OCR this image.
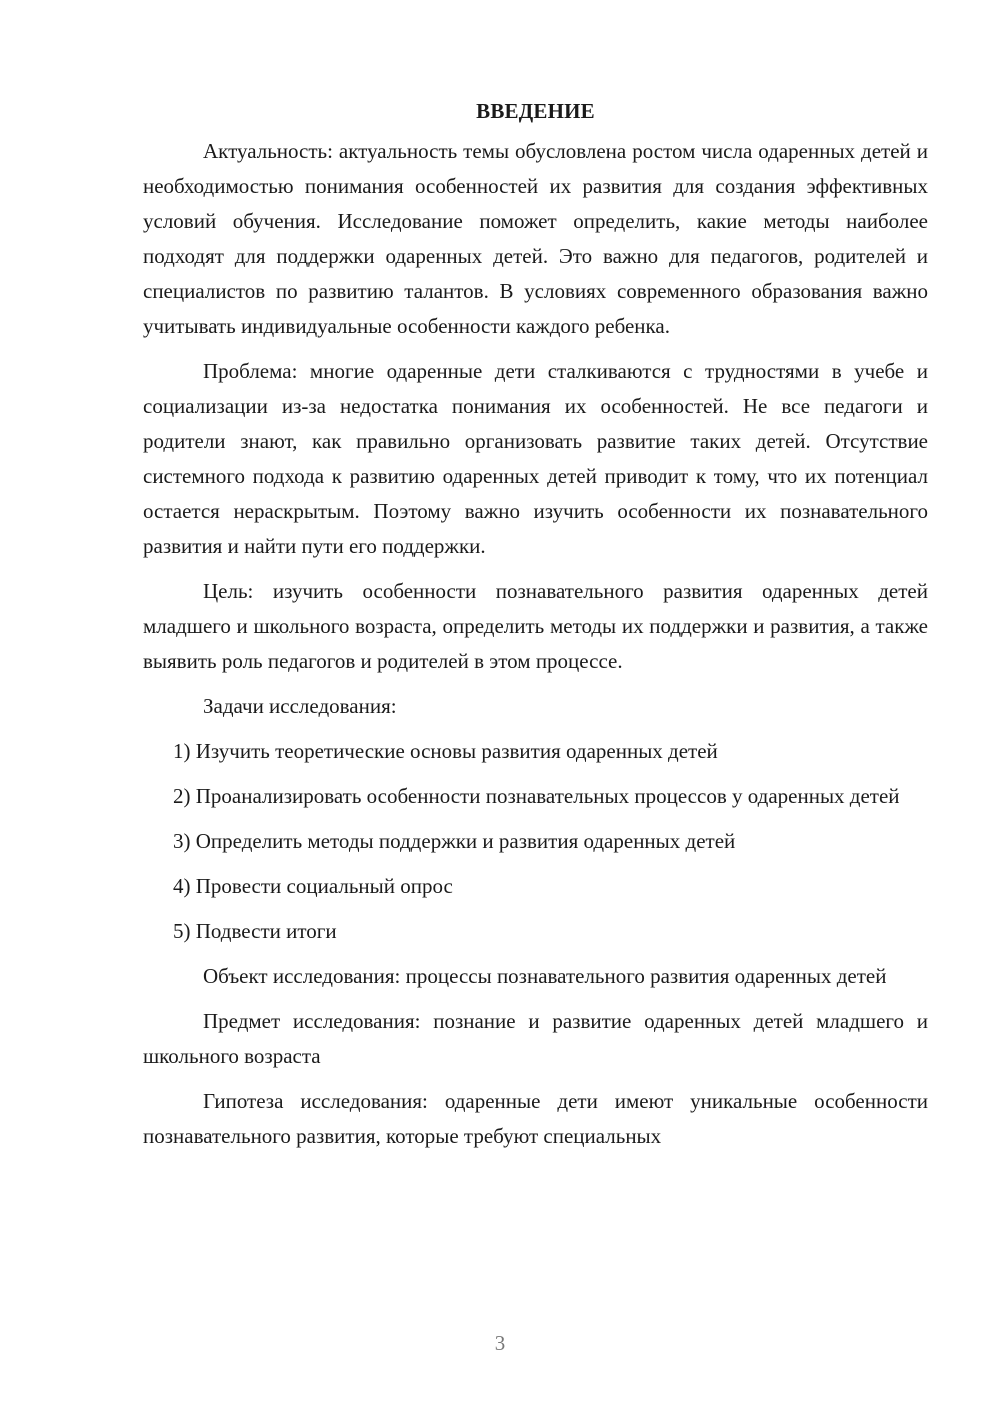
ВВЕДЕНИЕ

Актуальность: актуальность темы обусловлена ростом числа одаренных детей и необходимостью понимания особенностей их развития для создания эффективных условий обучения. Исследование поможет определить, какие методы наиболее подходят для поддержки одаренных детей. Это важно для педагогов, родителей и специалистов по развитию талантов. В условиях современного образования важно учитывать индивидуальные особенности каждого ребенка.

Проблема: многие одаренные дети сталкиваются с трудностями в учебе и социализации из-за недостатка понимания их особенностей. Не все педагоги и родители знают, как правильно организовать развитие таких детей. Отсутствие системного подхода к развитию одаренных детей приводит к тому, что их потенциал остается нераскрытым. Поэтому важно изучить особенности их познавательного развития и найти пути его поддержки.

Цель: изучить особенности познавательного развития одаренных детей младшего и школьного возраста, определить методы их поддержки и развития, а также выявить роль педагогов и родителей в этом процессе.

Задачи исследования:

1) Изучить теоретические основы развития одаренных детей

2) Проанализировать особенности познавательных процессов у одаренных детей

3) Определить методы поддержки и развития одаренных детей

4) Провести социальный опрос

5) Подвести итоги

Объект исследования: процессы познавательного развития одаренных детей

Предмет исследования: познание и развитие одаренных детей младшего и школьного возраста

Гипотеза исследования: одаренные дети имеют уникальные особенности познавательного развития, которые требуют специальных

3
